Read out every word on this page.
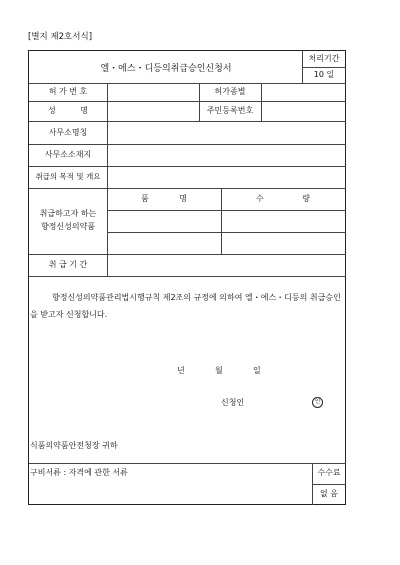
[별지 제2호서식]
엘・에스・디등의취급승인신청서
처리기간
10 일
허 가 번 호	허가종별
성 명	주민등록번호
사무소명칭
사무소소재지
취급의 목적 및 개요
취급하고자 하는
향정신성의약품
품 명	수 량
취 급 기 간
향정신성의약품관리법시행규칙 제2조의 규정에 의하여 엘・에스・디등의 취급승인을 받고자 신청합니다.
년	월	일
신청인	인
식품의약품안전청장 귀하
구비서류 : 자격에 관한 서류	수수료
없 음
